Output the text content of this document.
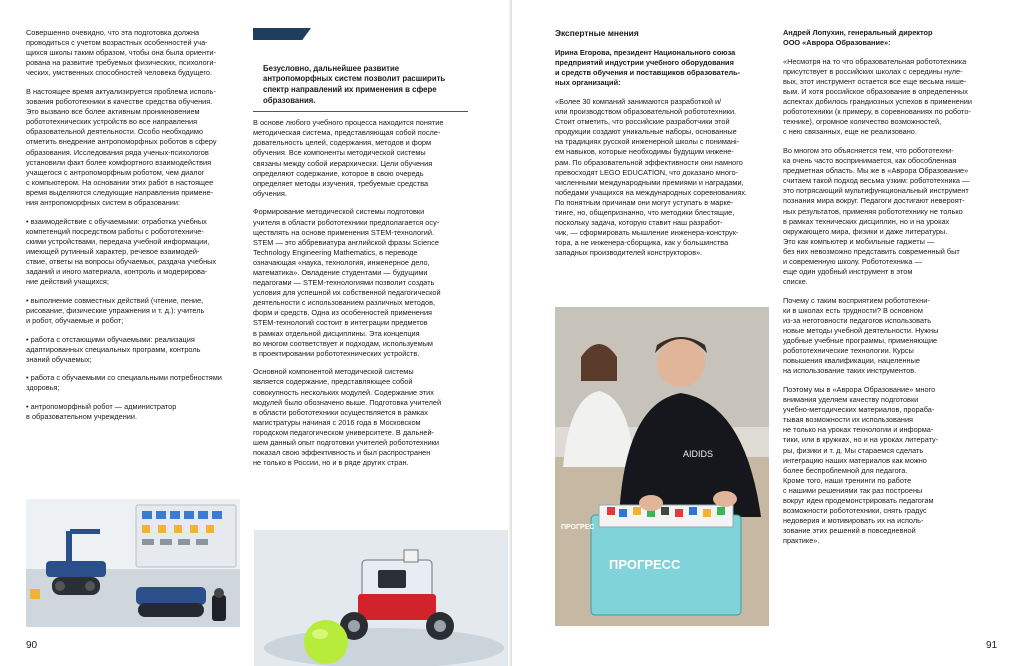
Совершенно очевидно, что эта подготовка должна
проводиться с учетом возрастных особенностей уча-
щихся школы таким образом, чтобы она была ориенти-
рована на развитие требуемых физических, психологи-
ческих, умственных способностей человека будущего.

В настоящее время актуализируется проблема исполь-
зования робототехники в качестве средства обучения.
Это вызвано все более активным проникновением
робототехнических устройств во все направления
образовательной деятельности. Особо необходимо
отметить внедрение антропоморфных роботов в сферу
образования. Исследования ряда ученых-психологов
установили факт более комфортного взаимодействия
учащегося с антропоморфным роботом, чем диалог
с компьютером. На основании этих работ в настоящее
время выделяются следующие направления примене-
ния антропоморфных систем в образовании:

• взаимодействие с обучаемыми: отработка учебных
компетенций посредством работы с робототехниче-
скими устройствами, передача учебной информации,
имеющей рутинный характер, речевое взаимодей-
ствие, ответы на вопросы обучаемых, раздача учебных
заданий и иного материала, контроль и модерирова-
ние действий учащихся;

• выполнение совместных действий (чтение, пение,
рисование, физические упражнения и т. д.): учитель
и робот, обучаемые и робот;

• работа с отстающими обучаемыми: реализация
адаптированных специальных программ, контроль
знаний обучаемых;

• работа с обучаемыми со специальными потребностями
здоровья;

• антропоморфный робот — администратор
в образовательном учреждении.

Безусловно, дальнейшее развитие
антропоморфных систем позволит расширить
спектр направлений их применения в сфере
образования.

В основе любого учебного процесса находится понятие
методическая система, представляющая собой после-
довательность целей, содержания, методов и форм
обучения. Все компоненты методической системы
связаны между собой иерархически. Цели обучения
определяют содержание, которое в свою очередь
определяет методы изучения, требуемые средства
обучения.

Формирование методической системы подготовки
учителя в области робототехники предполагается осу-
ществлять на основе применения STEM-технологий.
STEM — это аббревиатура английской фразы Science
Technology Engineering Mathematics, в переводе
означающая «наука, технология, инженерное дело,
математика». Овладение студентами — будущими
педагогами — STEM-технологиями позволит создать
условия для успешной их собственной педагогической
деятельности с использованием различных методов,
форм и средств. Одна из особенностей применения
STEM-технологий состоит в интеграции предметов
в рамках отдельной дисциплины. Эта концепция
во многом соответствует и подходам, используемым
в проектировании робототехнических устройств.

Основной компонентой методической системы
является содержание, представляющее собой
совокупность нескольких модулей. Содержание этих
модулей было обозначено выше. Подготовка учителей
в области робототехники осуществляется в рамках
магистратуры начиная с 2016 года в Московском
городском педагогическом университете. В дальней-
шем данный опыт подготовки учителей робототехники
показал свою эффективность и был распространен
не только в России, но и в ряде других стран.

90
Экспертные мнения

Ирина Егорова, президент Национального союза
предприятий индустрии учебного оборудования
и средств обучения и поставщиков образователь-
ных организаций:

«Более 30 компаний занимаются разработкой и/
или производством образовательной робототехники.
Стоит отметить, что российские разработчики этой
продукции создают уникальные наборы, основанные
на традициях русской инженерной школы с пониманi-
ем навыков, которые необходимы будущим инжене-
рам. По образовательной эффективности они намного
превосходят LEGO EDUCATION, что доказано много-
численными международными премиями и наградами,
победами учащихся на международных соревнованиях.
По понятным причинам они могут уступать в марке-
тинге, но, общепризнанно, что методики блестящие,
поскольку задача, которую ставит наш разработ-
чик, — сформировать мышление инженера-конструк-
тора, а не инженера-сборщика, как у большинства
западных производителей конструкторов».

Андрей Лопухин, генеральный директор
ООО «Аврора Образование»:

«Несмотря на то что образовательная робототехника
присутствует в российских школах с середины нуле-
вых, этот инструмент остается все еще весьма нише-
вым. И хотя российское образование в определенных
аспектах добилось грандиозных успехов в применении
робототехники (к примеру, в соревнованиях по робото-
технике), огромное количество возможностей,
с нею связанных, еще не реализовано.

Во многом это объясняется тем, что робототехни-
ка очень часто воспринимается, как обособленная
предметная область. Мы же в «Аврора Образование»
считаем такой подход весьма узким: робототехника —
это потрясающий мультифункциональный инструмент
познания мира вокруг. Педагоги достигают невероят-
ных результатов, применяя робототехнику не только
в рамках технических дисциплин, но и на уроках
окружающего мира, физики и даже литературы.
Это как компьютер и мобильные гаджеты —
без них невозможно представить современный быт
и современную школу. Робототехника —
еще один удобный инструмент в этом
списке.

Почему с таким восприятием робототехни-
ки в школах есть трудности? В основном
из-за неготовности педагогов использовать
новые методы учебной деятельности. Нужны
удобные учебные программы, применяющие
робототехнические технологии. Курсы
повышения квалификации, нацеленные
на использование таких инструментов.

Поэтому мы в «Аврора Образование» много
внимания уделяем качеству подготовки
учебно-методических материалов, прораба-
тывая возможности их использования
не только на уроках технологии и информа-
тики, или в кружках, но и на уроках литерату-
ры, физики и т. д. Мы стараемся сделать
интеграцию наших материалов как можно
более беспроблемной для педагога.
Кроме того, наши тренинги по работе
с нашими решениями так раз построены
вокруг идеи продемонстрировать педагогам
возможности робототехники, снять градус
недоверия и мотивировать их на исполь-
зование этих решений в повседневной
практике».

AIDIDS
ПРОГРЕСС
ПРОГРЕС
91
